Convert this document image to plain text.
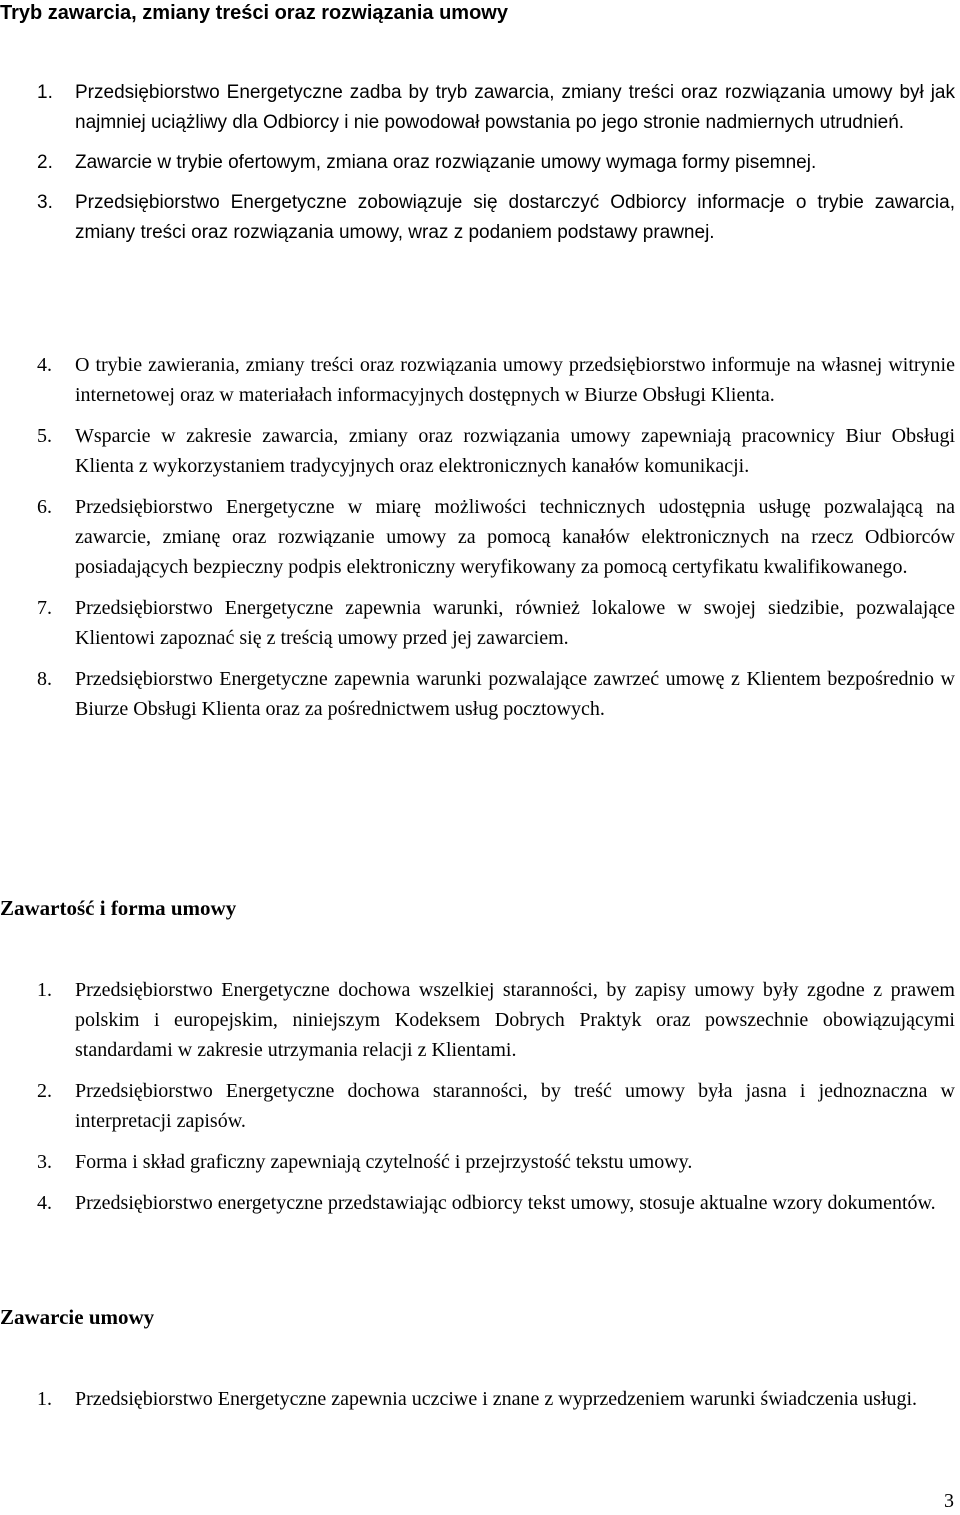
Tryb zawarcia, zmiany treści oraz rozwiązania umowy
1. Przedsiębiorstwo Energetyczne zadba by tryb zawarcia, zmiany treści oraz rozwiązania umowy był jak najmniej uciążliwy dla Odbiorcy i nie powodował powstania po jego stronie nadmiernych utrudnień.
2. Zawarcie w trybie ofertowym, zmiana oraz rozwiązanie umowy wymaga formy pisemnej.
3. Przedsiębiorstwo Energetyczne zobowiązuje się dostarczyć Odbiorcy informacje o trybie zawarcia, zmiany treści oraz rozwiązania umowy, wraz z podaniem podstawy prawnej.
4. O trybie zawierania, zmiany treści oraz rozwiązania umowy przedsiębiorstwo informuje na własnej witrynie internetowej oraz w materiałach informacyjnych dostępnych w Biurze Obsługi Klienta.
5. Wsparcie w zakresie zawarcia, zmiany oraz rozwiązania umowy zapewniają pracownicy Biur Obsługi Klienta z wykorzystaniem tradycyjnych oraz elektronicznych kanałów komunikacji.
6. Przedsiębiorstwo Energetyczne w miarę możliwości technicznych udostępnia usługę pozwalającą na zawarcie, zmianę oraz rozwiązanie umowy za pomocą kanałów elektronicznych na rzecz Odbiorców posiadających bezpieczny podpis elektroniczny weryfikowany za pomocą certyfikatu kwalifikowanego.
7. Przedsiębiorstwo Energetyczne zapewnia warunki, również lokalowe w swojej siedzibie, pozwalające Klientowi zapoznać się z treścią umowy przed jej zawarciem.
8. Przedsiębiorstwo Energetyczne zapewnia warunki pozwalające zawrzeć umowę z Klientem bezpośrednio w Biurze Obsługi Klienta oraz za pośrednictwem usług pocztowych.
Zawartość i forma umowy
1. Przedsiębiorstwo Energetyczne dochowa wszelkiej staranności, by zapisy umowy były zgodne z prawem polskim i europejskim, niniejszym Kodeksem Dobrych Praktyk oraz powszechnie obowiązującymi standardami w zakresie utrzymania relacji z Klientami.
2. Przedsiębiorstwo Energetyczne dochowa staranności, by treść umowy była jasna i jednoznaczna w interpretacji zapisów.
3. Forma i skład graficzny zapewniają czytelność i przejrzystość tekstu umowy.
4. Przedsiębiorstwo energetyczne przedstawiając odbiorcy tekst umowy, stosuje aktualne wzory dokumentów.
Zawarcie umowy
1. Przedsiębiorstwo Energetyczne zapewnia uczciwe i znane z wyprzedzeniem warunki świadczenia usługi.
3
